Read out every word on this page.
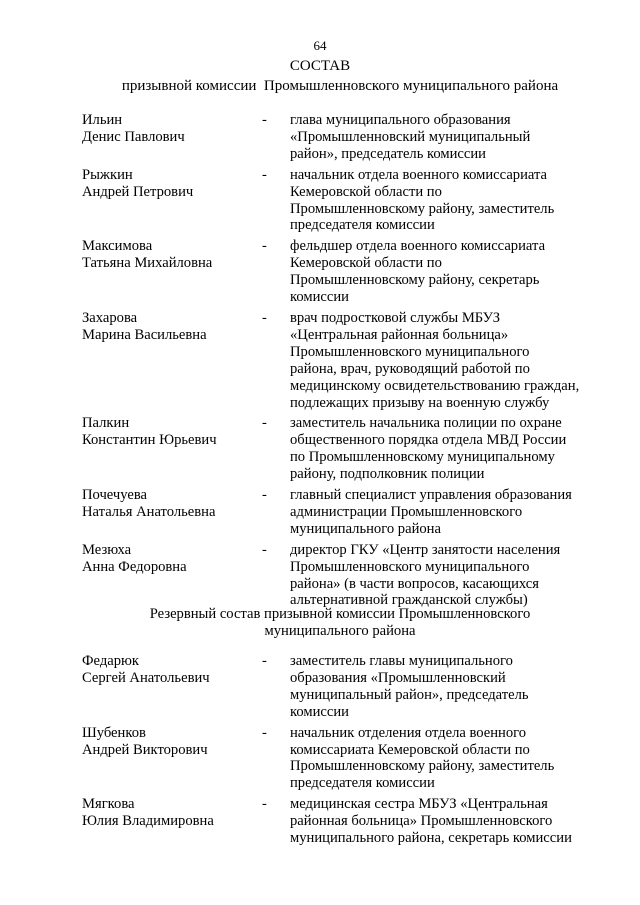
64
СОСТАВ
призывной комиссии  Промышленновского муниципального района
Ильин
Денис Павлович
-	глава муниципального образования
«Промышленновский муниципальный
район», председатель комиссии
Рыжкин
Андрей Петрович
-	начальник отдела военного комиссариата
Кемеровской области по
Промышленновскому району, заместитель
председателя комиссии
Максимова
Татьяна Михайловна
-	фельдшер отдела военного комиссариата
Кемеровской области по
Промышленновскому району, секретарь
комиссии
Захарова
Марина Васильевна
-	врач подростковой службы МБУЗ
«Центральная районная больница»
Промышленновского муниципального
района, врач, руководящий работой по
медицинскому освидетельствованию граждан,
подлежащих призыву на военную службу
Палкин
Константин Юрьевич
-	заместитель начальника полиции по охране
общественного порядка отдела МВД России
по Промышленновскому муниципальному
району, подполковник полиции
Почечуева
Наталья Анатольевна
-	главный специалист управления образования
администрации Промышленновского
муниципального района
Мезюха
Анна Федоровна
-	директор ГКУ «Центр занятости населения
Промышленновского муниципального
района» (в части вопросов, касающихся
альтернативной гражданской службы)
Резервный состав призывной комиссии Промышленновского
муниципального района
Федарюк
Сергей Анатольевич
-	заместитель главы муниципального
образования «Промышленновский
муниципальный район», председатель
комиссии
Шубенков
Андрей Викторович
-	начальник отделения отдела военного
комиссариата Кемеровской области по
Промышленновскому району, заместитель
председателя комиссии
Мягкова
Юлия Владимировна
-	медицинская сестра МБУЗ «Центральная
районная больница» Промышленновского
муниципального района, секретарь комиссии
